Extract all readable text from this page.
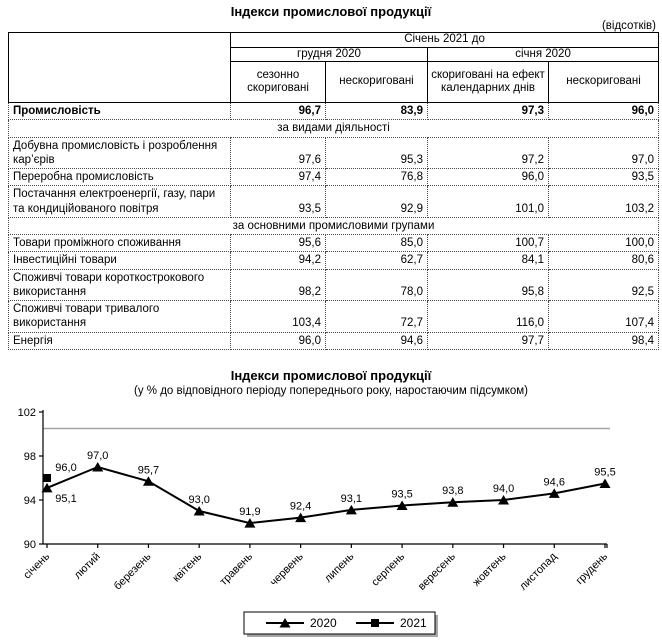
Індекси промислової продукції
(відсотків)
	Січень 2021 до			
	грудня 2020		січня 2020	
	сезонно скориговані	нескориговані	скориговані на ефект календарних днів	нескориговані
Промисловість	96,7	83,9	97,3	96,0
за видами діяльності				
Добувна промисловість і розроблення кар’єрів	97,6	95,3	97,2	97,0
Переробна промисловість	97,4	76,8	96,0	93,5
Постачання електроенергії, газу, пари та кондиційованого повітря	93,5	92,9	101,0	103,2
за основними промисловими групами				
Товари проміжного споживання	95,6	85,0	100,7	100,0
Інвестиційні товари	94,2	62,7	84,1	80,6
Споживчі товари короткострокового використання	98,2	78,0	95,8	92,5
Споживчі товари тривалого використання	103,4	72,7	116,0	107,4
Енергія	96,0	94,6	97,7	98,4
Індекси промислової продукції
(у % до відповідного періоду попереднього року, наростаючим підсумком)
90
94
98
102
січень лютий березень квітень травень червень липень серпень вересень жовтень листопад грудень
95,1
97,0
95,7
93,0
91,9	92,4
93,1	93,5	93,8	94,0
94,6
95,5
96,0
2020	2021
